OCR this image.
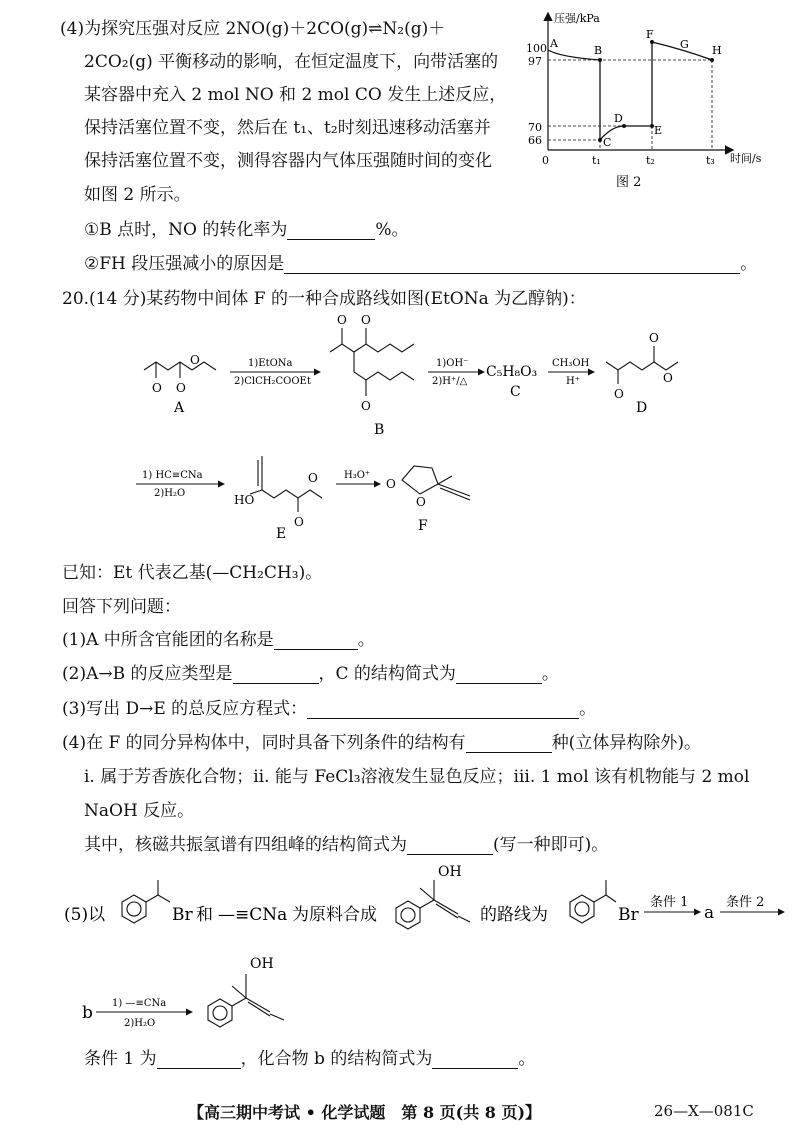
(4)为探究压强对反应 2NO(g)＋2CO(g)⇌N₂(g)＋
2CO₂(g) 平衡移动的影响，在恒定温度下，向带活塞的
某容器中充入 2 mol NO 和 2 mol CO 发生上述反应，
保持活塞位置不变，然后在 t₁、t₂时刻迅速移动活塞并
保持活塞位置不变，测得容器内气体压强随时间的变化
如图 2 所示。
①B 点时，NO 的转化率为	%。
②FH 段压强减小的原因是	。
压强/kPa
时间/s
100
97
70
66
0	t₁	t₂	t₃
A
B
C
D
E
F
G H
图 2
20.(14 分)某药物中间体 F 的一种合成路线如图(EtONa 为乙醇钠)：
O O
O
A
1)EtONa
2)ClCH₂COOEt
O O
O
B
1)OH⁻
2)H⁺/△
C₅H₈O₃
C
CH₃OH
H⁺
O
O
O
D
1) HC≡CNa
2)H₂O	HO
O
O
E
H₃O⁺
O
O
F
已知：Et 代表乙基(—CH₂CH₃)。
回答下列问题：
(1)A 中所含官能团的名称是	。
(2)A→B 的反应类型是	，C 的结构简式为	。
(3)写出 D→E 的总反应方程式：	。
(4)在 F 的同分异构体中，同时具备下列条件的结构有	种(立体异构除外)。
ⅰ. 属于芳香族化合物；ⅱ. 能与 FeCl₃溶液发生显色反应；ⅲ. 1 mol 该有机物能与 2 mol
NaOH 反应。
其中，核磁共振氢谱有四组峰的结构简式为	(写一种即可)。
(5)以	Br 和 —≡CNa 为原料合成
OH
的路线为	Br
条件 1
a
条件 2
b 1) —≡CNa
2)H₂O
OH
条件 1 为	，化合物 b 的结构简式为	。
【高三期中考试 • 化学试题　第 8 页(共 8 页)】	26—X—081C
